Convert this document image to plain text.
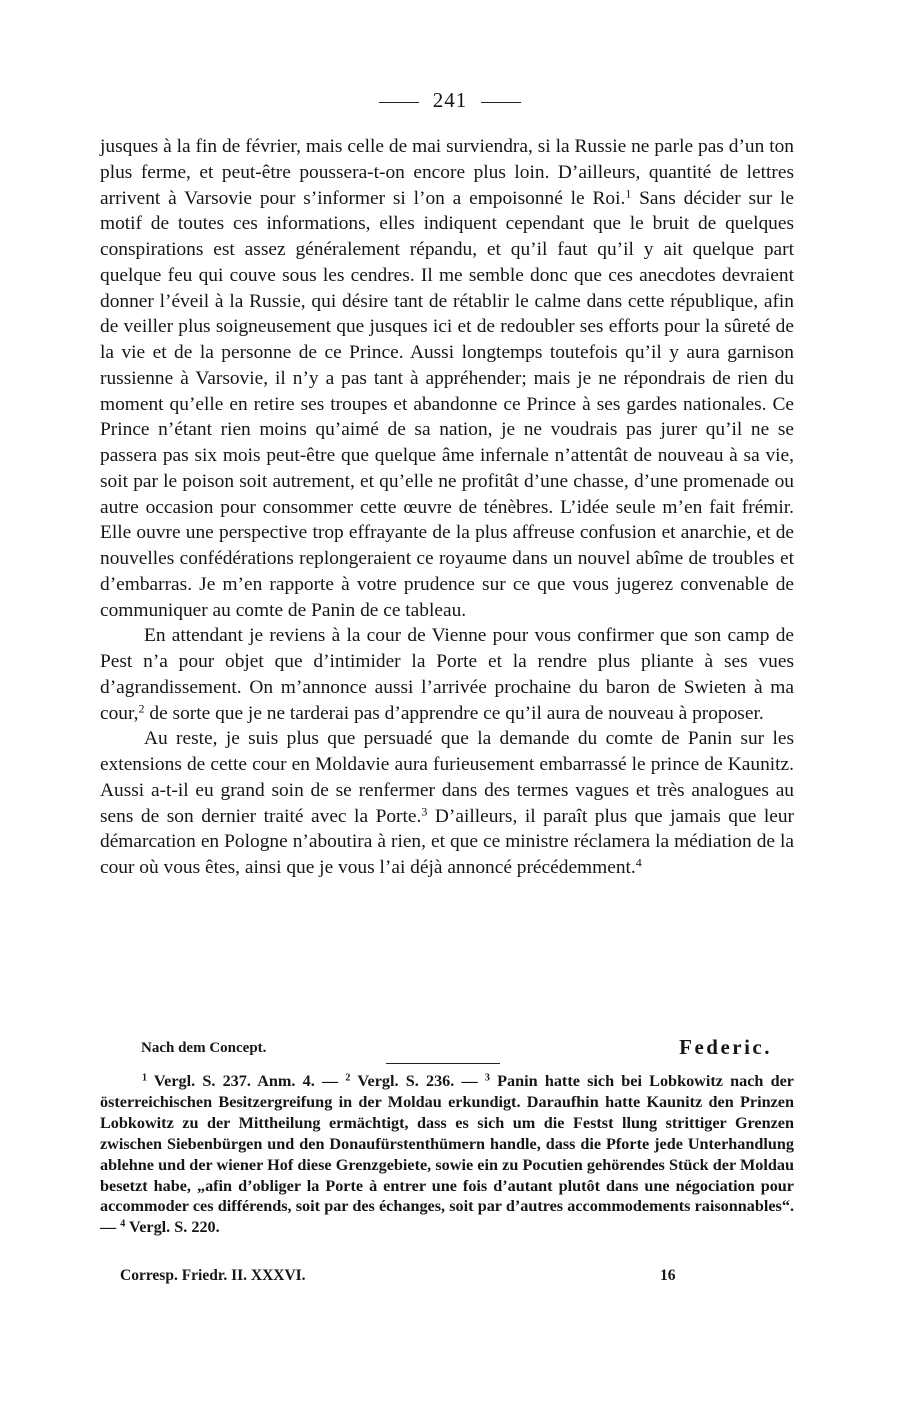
241

jusques à la fin de février, mais celle de mai surviendra, si la Russie ne parle pas d’un ton plus ferme, et peut-être poussera-t-on encore plus loin. D’ailleurs, quantité de lettres arrivent à Varsovie pour s’informer si l’on a empoisonné le Roi.$^1$ Sans décider sur le motif de toutes ces informations, elles indiquent cependant que le bruit de quelques conspirations est assez généralement répandu, et qu’il faut qu’il y ait quelque part quelque feu qui couve sous les cendres. Il me semble donc que ces anecdotes devraient donner l’éveil à la Russie, qui désire tant de rétablir le calme dans cette république, afin de veiller plus soigneusement que jusques ici et de redoubler ses efforts pour la sûreté de la vie et de la personne de ce Prince. Aussi longtemps toutefois qu’il y aura garnison russienne à Varsovie, il n’y a pas tant à appréhender; mais je ne répondrais de rien du moment qu’elle en retire ses troupes et abandonne ce Prince à ses gardes nationales. Ce Prince n’étant rien moins qu’aimé de sa nation, je ne voudrais pas jurer qu’il ne se passera pas six mois peut-être que quelque âme infernale n’attentât de nouveau à sa vie, soit par le poison soit autrement, et qu’elle ne profitât d’une chasse, d’une promenade ou autre occasion pour consommer cette œuvre de ténèbres. L’idée seule m’en fait frémir. Elle ouvre une perspective trop effrayante de la plus affreuse confusion et anarchie, et de nouvelles confédérations replongeraient ce royaume dans un nouvel abîme de troubles et d’embarras. Je m’en rapporte à votre prudence sur ce que vous jugerez convenable de communiquer au comte de Panin de ce tableau.

En attendant je reviens à la cour de Vienne pour vous confirmer que son camp de Pest n’a pour objet que d’intimider la Porte et la rendre plus pliante à ses vues d’agrandissement. On m’annonce aussi l’arrivée prochaine du baron de Swieten à ma cour,$^2$ de sorte que je ne tarderai pas d’apprendre ce qu’il aura de nouveau à proposer.

Au reste, je suis plus que persuadé que la demande du comte de Panin sur les extensions de cette cour en Moldavie aura furieusement embarrassé le prince de Kaunitz. Aussi a-t-il eu grand soin de se renfermer dans des termes vagues et très analogues au sens de son dernier traité avec la Porte.$^3$ D’ailleurs, il paraît plus que jamais que leur démarcation en Pologne n’aboutira à rien, et que ce ministre réclamera la médiation de la cour où vous êtes, ainsi que je vous l’ai déjà annoncé précédemment.$^4$

Nach dem Concept.	Federic.

$^1$ Vergl. S. 237. Anm. 4. — $^2$ Vergl. S. 236. — $^3$ Panin hatte sich bei Lobkowitz nach der österreichischen Besitzergreifung in der Moldau erkundigt. Daraufhin hatte Kaunitz den Prinzen Lobkowitz zu der Mittheilung ermächtigt, dass es sich um die Festst llung strittiger Grenzen zwischen Siebenbürgen und den Donaufürstenthümern handle, dass die Pforte jede Unterhandlung ablehne und der wiener Hof diese Grenzgebiete, sowie ein zu Pocutien gehörendes Stück der Moldau besetzt habe, „afin d’obliger la Porte à entrer une fois d’autant plutôt dans une négociation pour accommoder ces différends, soit par des échanges, soit par d’autres accommodements raisonnables“. — $^4$ Vergl. S. 220.

Corresp. Friedr. II. XXXVI.	16
